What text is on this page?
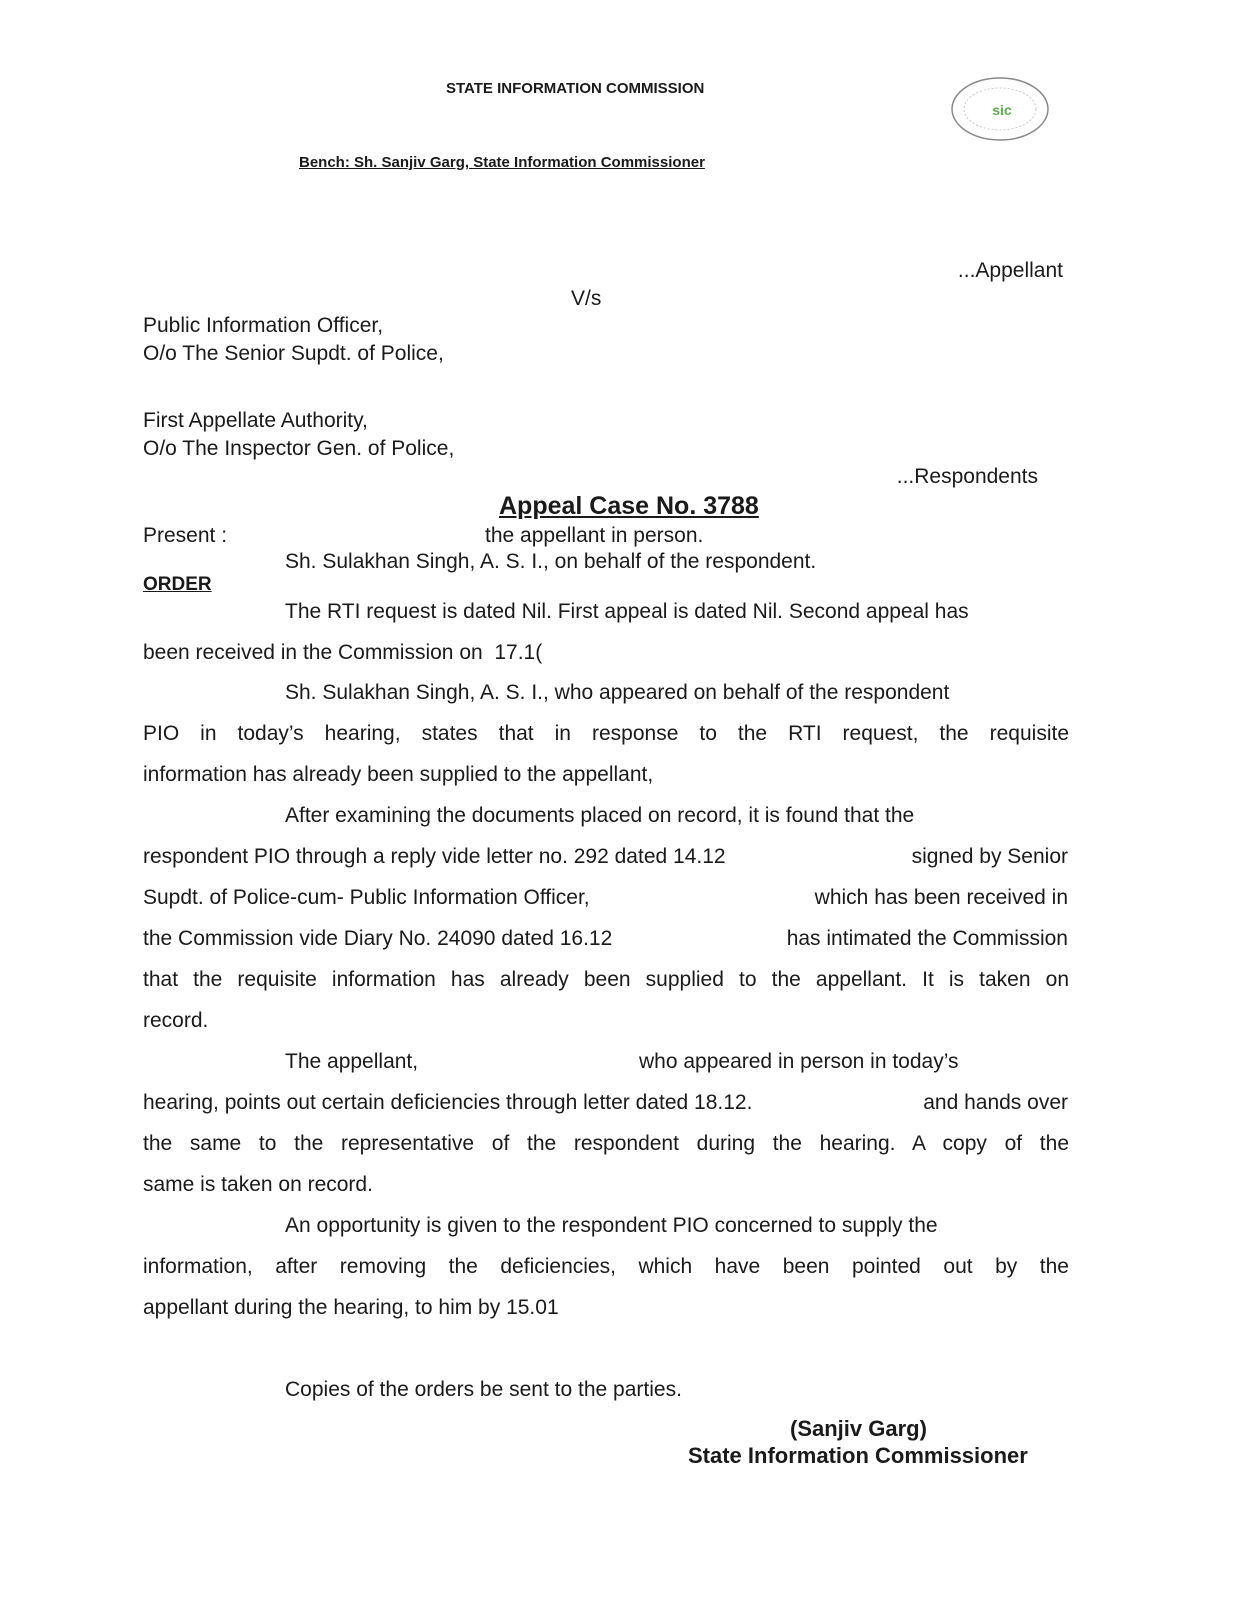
STATE INFORMATION COMMISSION
Bench: Sh. Sanjiv Garg, State Information Commissioner
sic
...Appellant
V/s
Public Information Officer,
O/o The Senior Supdt. of Police,
First Appellate Authority,
O/o The Inspector Gen. of Police,
...Respondents
Appeal Case No. 3788
Present :	the appellant in person.
Sh. Sulakhan Singh, A. S. I., on behalf of the respondent.
ORDER
The RTI request is dated Nil. First appeal is dated Nil. Second appeal has
been received in the Commission on  17.1(
Sh. Sulakhan Singh, A. S. I., who appeared on behalf of the respondent
PIO in today’s hearing, states that in response to the RTI request, the requisite
information has already been supplied to the appellant,
After examining the documents placed on record, it is found that the
respondent PIO through a reply vide letter no. 292 dated 14.12	signed by Senior
Supdt. of Police-cum- Public Information Officer,	which has been received in
the Commission vide Diary No. 24090 dated 16.12	has intimated the Commission
that the requisite information has already been supplied to the appellant. It is taken on
record.
The appellant,	who appeared in person in today’s
hearing, points out certain deficiencies through letter dated 18.12.	and hands over
the same to the representative of the respondent during the hearing. A copy of the
same is taken on record.
An opportunity is given to the respondent PIO concerned to supply the
information, after removing the deficiencies, which have been pointed out by the
appellant during the hearing, to him by 15.01
Copies of the orders be sent to the parties.
(Sanjiv Garg)
State Information Commissioner
